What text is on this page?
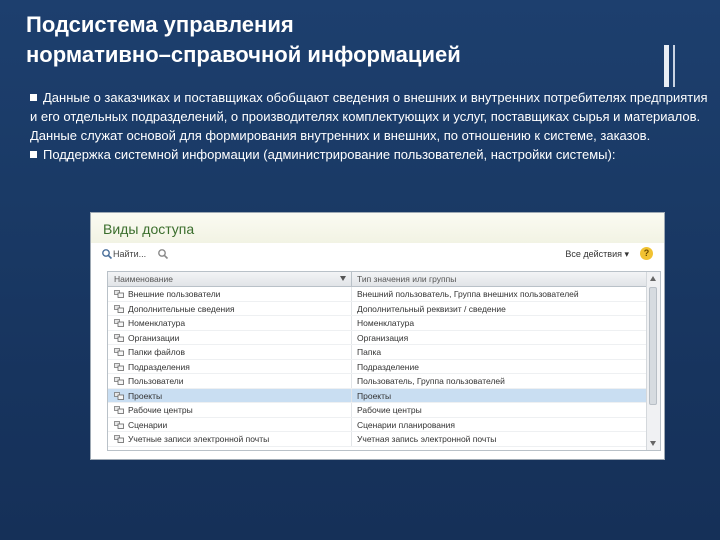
Подсистема управления
нормативно–справочной информацией

Данные о заказчиках и поставщиках обобщают сведения о внешних и внутренних потребителях предприятия и его отдельных подразделений, о производителях комплектующих и услуг, поставщиках сырья и материалов. Данные служат основой для формирования внутренних и внешних, по отношению к системе, заказов.

Поддержка системной информации (администрирование пользователей, настройки системы):

Виды доступа
Найти...	Все действия ▾	?
Наименование	Тип значения или группы
Внешние пользователи	Внешний пользователь, Группа внешних пользователей
Дополнительные сведения	Дополнительный реквизит / сведение
Номенклатура	Номенклатура
Организации	Организация
Папки файлов	Папка
Подразделения	Подразделение
Пользователи	Пользователь, Группа пользователей
Проекты	Проекты
Рабочие центры	Рабочие центры
Сценарии	Сценарии планирования
Учетные записи электронной почты	Учетная запись электронной почты
